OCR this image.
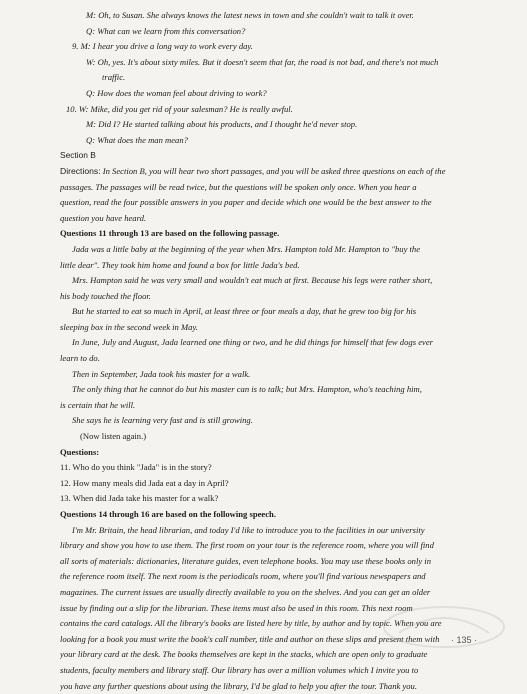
M: Oh, to Susan. She always knows the latest news in town and she couldn't wait to talk it over.
Q: What can we learn from this conversation?
9. M: I hear you drive a long way to work every day.
W: Oh, yes. It's about sixty miles. But it doesn't seem that far, the road is not bad, and there's not much
traffic.
Q: How does the woman feel about driving to work?
10. W: Mike, did you get rid of your salesman? He is really awful.
M: Did I? He started talking about his products, and I thought he'd never stop.
Q: What does the man mean?
Section B
Directions: In Section B, you will hear two short passages, and you will be asked three questions on each of the
passages. The passages will be read twice, but the questions will be spoken only once. When you hear a
question, read the four possible answers in you paper and decide which one would be the best answer to the
question you have heard.
Questions 11 through 13 are based on the following passage.
Jada was a little baby at the beginning of the year when Mrs. Hampton told Mr. Hampton to "buy the
little dear". They took him home and found a box for little Jada's bed.
Mrs. Hampton said he was very small and wouldn't eat much at first. Because his legs were rather short,
his body touched the floor.
But he started to eat so much in April, at least three or four meals a day, that he grew too big for his
sleeping box in the second week in May.
In June, July and August, Jada learned one thing or two, and he did things for himself that few dogs ever
learn to do.
Then in September, Jada took his master for a walk.
The only thing that he cannot do but his master can is to talk; but Mrs. Hampton, who's teaching him,
is certain that he will.
She says he is learning very fast and is still growing.
(Now listen again.)
Questions:
11. Who do you think "Jada" is in the story?
12. How many meals did Jada eat a day in April?
13. When did Jada take his master for a walk?
Questions 14 through 16 are based on the following speech.
I'm Mr. Britain, the head librarian, and today I'd like to introduce you to the facilities in our university
library and show you how to use them. The first room on your tour is the reference room, where you will find
all sorts of materials: dictionaries, literature guides, even telephone books. You may use these books only in
the reference room itself. The next room is the periodicals room, where you'll find various newspapers and
magazines. The current issues are usually directly available to you on the shelves. And you can get an older
issue by finding out a slip for the librarian. These items must also be used in this room. This next room
contains the card catalogs. All the library's books are listed here by title, by author and by topic. When you are
looking for a book you must write the book's call number, title and author on these slips and present them with
your library card at the desk. The books themselves are kept in the stacks, which are open only to graduate
students, faculty members and library staff. Our library has over a million volumes which I invite you to
you have any further questions about using the library, I'd be glad to help you after the tour. Thank you.
· 135 ·
